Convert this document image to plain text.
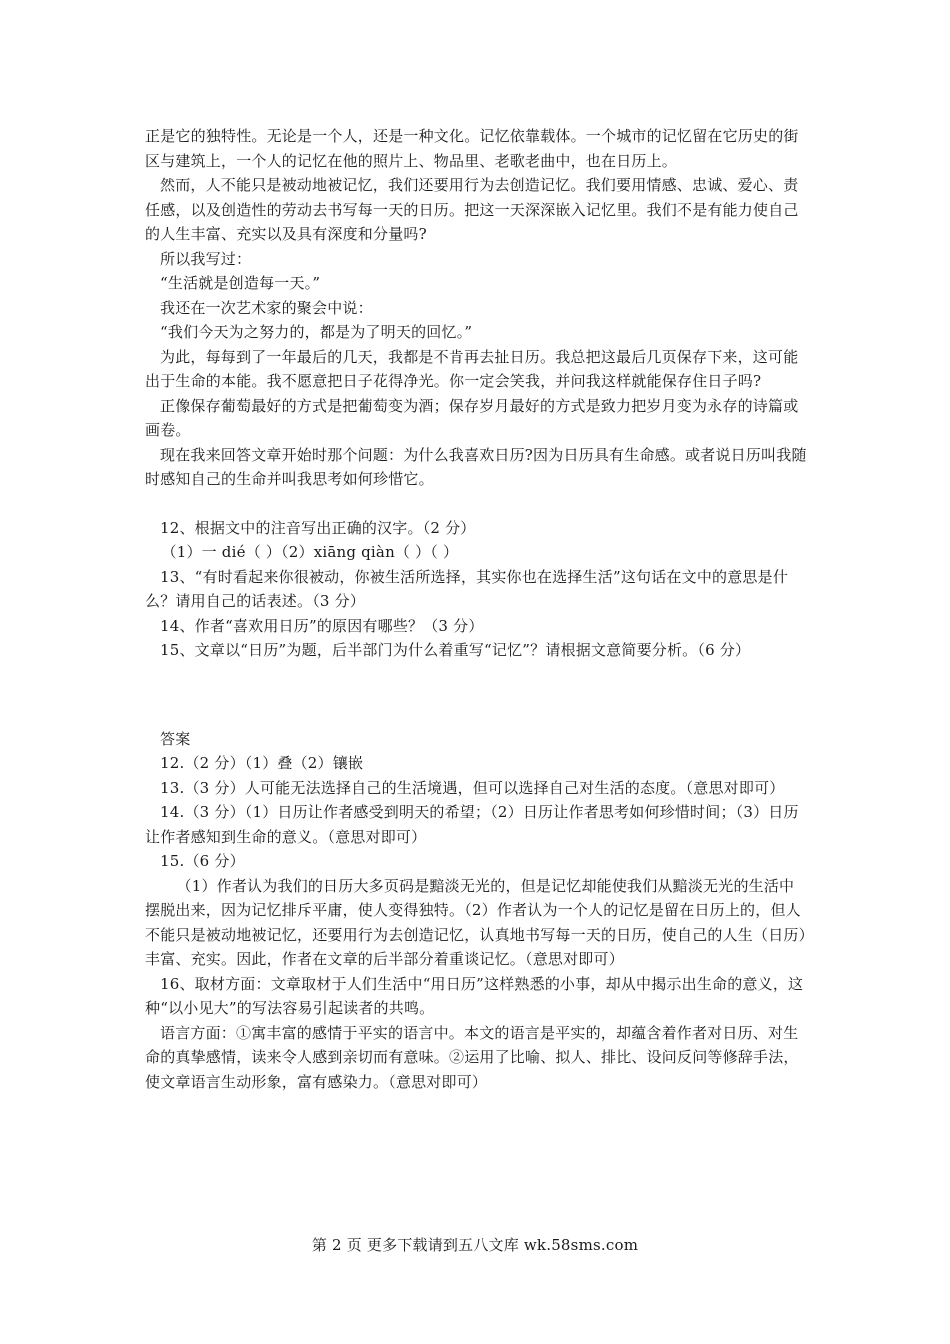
正是它的独特性。无论是一个人，还是一种文化。记忆依靠载体。一个城市的记忆留在它历史的街区与建筑上，一个人的记忆在他的照片上、物品里、老歌老曲中，也在日历上。

然而，人不能只是被动地被记忆，我们还要用行为去创造记忆。我们要用情感、忠诚、爱心、责任感，以及创造性的劳动去书写每一天的日历。把这一天深深嵌入记忆里。我们不是有能力使自己的人生丰富、充实以及具有深度和分量吗?

所以我写过：

“生活就是创造每一天。”

我还在一次艺术家的聚会中说：

“我们今天为之努力的，都是为了明天的回忆。”

为此，每每到了一年最后的几天，我都是不肯再去扯日历。我总把这最后几页保存下来，这可能出于生命的本能。我不愿意把日子花得净光。你一定会笑我，并问我这样就能保存住日子吗?

正像保存葡萄最好的方式是把葡萄变为酒；保存岁月最好的方式是致力把岁月变为永存的诗篇或画卷。

现在我来回答文章开始时那个问题：为什么我喜欢日历?因为日历具有生命感。或者说日历叫我随时感知自己的生命并叫我思考如何珍惜它。

12、根据文中的注音写出正确的汉字。（2 分）

（1）一 dié（ ）（2）xiāng qiàn（ ）（ ）

13、“有时看起来你很被动，你被生活所选择，其实你也在选择生活”这句话在文中的意思是什么？请用自己的话表述。（3 分）

14、作者“喜欢用日历”的原因有哪些？（3 分）

15、文章以“日历”为题，后半部门为什么着重写“记忆”？请根据文意简要分析。（6 分）

答案

12.（2 分）（1）叠（2）镶嵌

13.（3 分）人可能无法选择自己的生活境遇，但可以选择自己对生活的态度。（意思对即可）

14.（3 分）（1）日历让作者感受到明天的希望；（2）日历让作者思考如何珍惜时间；（3）日历让作者感知到生命的意义。（意思对即可）

15.（6 分）

（1）作者认为我们的日历大多页码是黯淡无光的，但是记忆却能使我们从黯淡无光的生活中摆脱出来，因为记忆排斥平庸，使人变得独特。（2）作者认为一个人的记忆是留在日历上的，但人不能只是被动地被记忆，还要用行为去创造记忆，认真地书写每一天的日历，使自己的人生（日历）丰富、充实。因此，作者在文章的后半部分着重谈记忆。（意思对即可）

16、取材方面：文章取材于人们生活中“用日历”这样熟悉的小事，却从中揭示出生命的意义，这种“以小见大”的写法容易引起读者的共鸣。

语言方面：①寓丰富的感情于平实的语言中。本文的语言是平实的，却蕴含着作者对日历、对生命的真挚感情，读来令人感到亲切而有意味。②运用了比喻、拟人、排比、设问反问等修辞手法，使文章语言生动形象，富有感染力。（意思对即可）

第 2 页 更多下载请到五八文库 wk.58sms.com
